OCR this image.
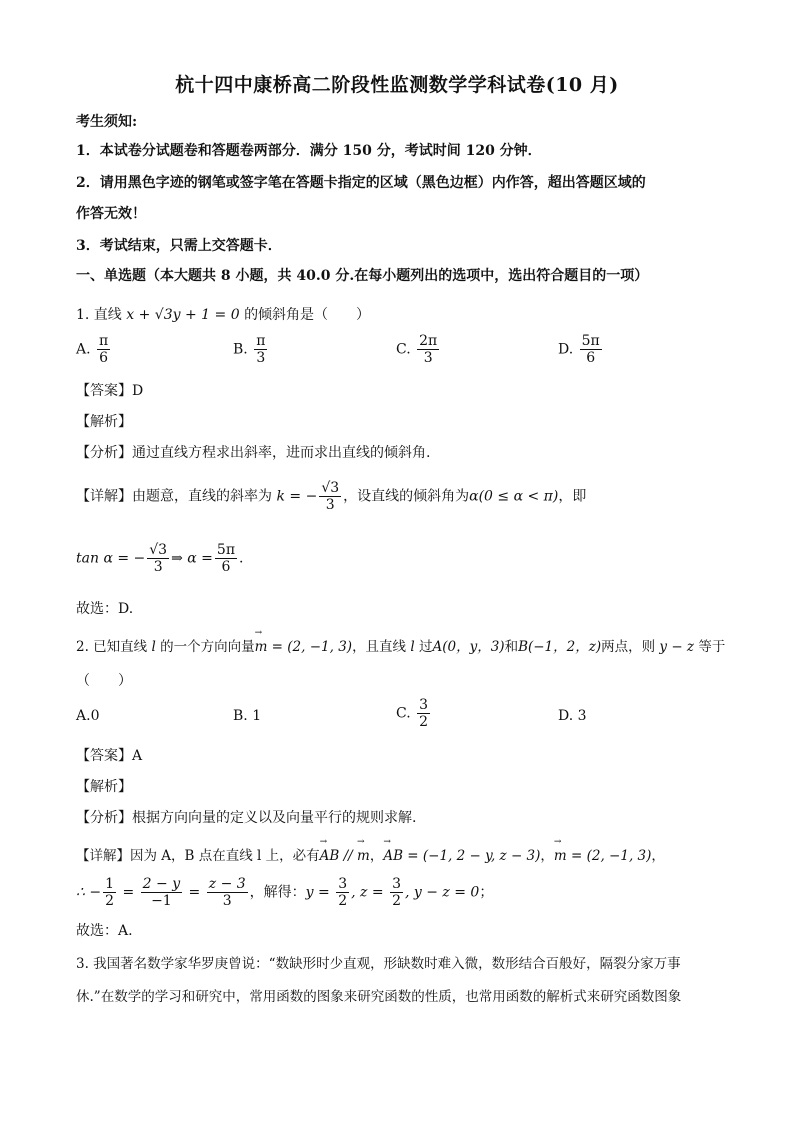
杭十四中康桥高二阶段性监测数学学科试卷(10 月)
考生须知:
1．本试卷分试题卷和答题卷两部分．满分 150 分，考试时间 120 分钟．
2．请用黑色字迹的钢笔或签字笔在答题卡指定的区域（黑色边框）内作答，超出答题区域的
作答无效！
3．考试结束，只需上交答题卡．
一、单选题（本大题共 8 小题，共 40.0 分.在每小题列出的选项中，选出符合题目的一项）
1. 直线 x + √3y + 1 = 0 的倾斜角是（　　）
A. $\frac{\pi}{6}$	B. $\frac{\pi}{3}$	C. $\frac{2\pi}{3}$	D. $\frac{5\pi}{6}$
【答案】D
【解析】
【分析】通过直线方程求出斜率，进而求出直线的倾斜角.
【详解】由题意，直线的斜率为 k = − $\frac{√3}{3}$ ，设直线的倾斜角为α(0 ≤ α < π)，即
tan α = − $\frac{√3}{3}$ ⇒ $\alpha = \frac{5\pi}{6}$ .
故选：D.
2. 已知直线 l 的一个方向向量→ m = (2, −1, 3)，且直线 l 过A(0，y，3)和B(−1，2，z)两点，则 y − z 等于
（　　）
A.0	B. 1	C. $\frac{3}{2}$	D. 3
【答案】A
【解析】
【分析】根据方向向量的定义以及向量平行的规则求解.
【详解】因为 A，B 点在直线 l 上，必有→ AB // → m，→ AB = (−1, 2 − y, z − 3)，→ m = (2, −1, 3)，
∴ − $\frac{1}{2} = \frac{2 - y}{-1} = \frac{z - 3}{3}$ ，解得：$y = \frac{3}{2}$ , $z = \frac{3}{2}$ , y − z = 0；
故选：A.
3. 我国著名数学家华罗庚曾说：“数缺形时少直观，形缺数时难入微，数形结合百般好，隔裂分家万事
休.”在数学的学习和研究中，常用函数的图象来研究函数的性质，也常用函数的解析式来研究函数图象
